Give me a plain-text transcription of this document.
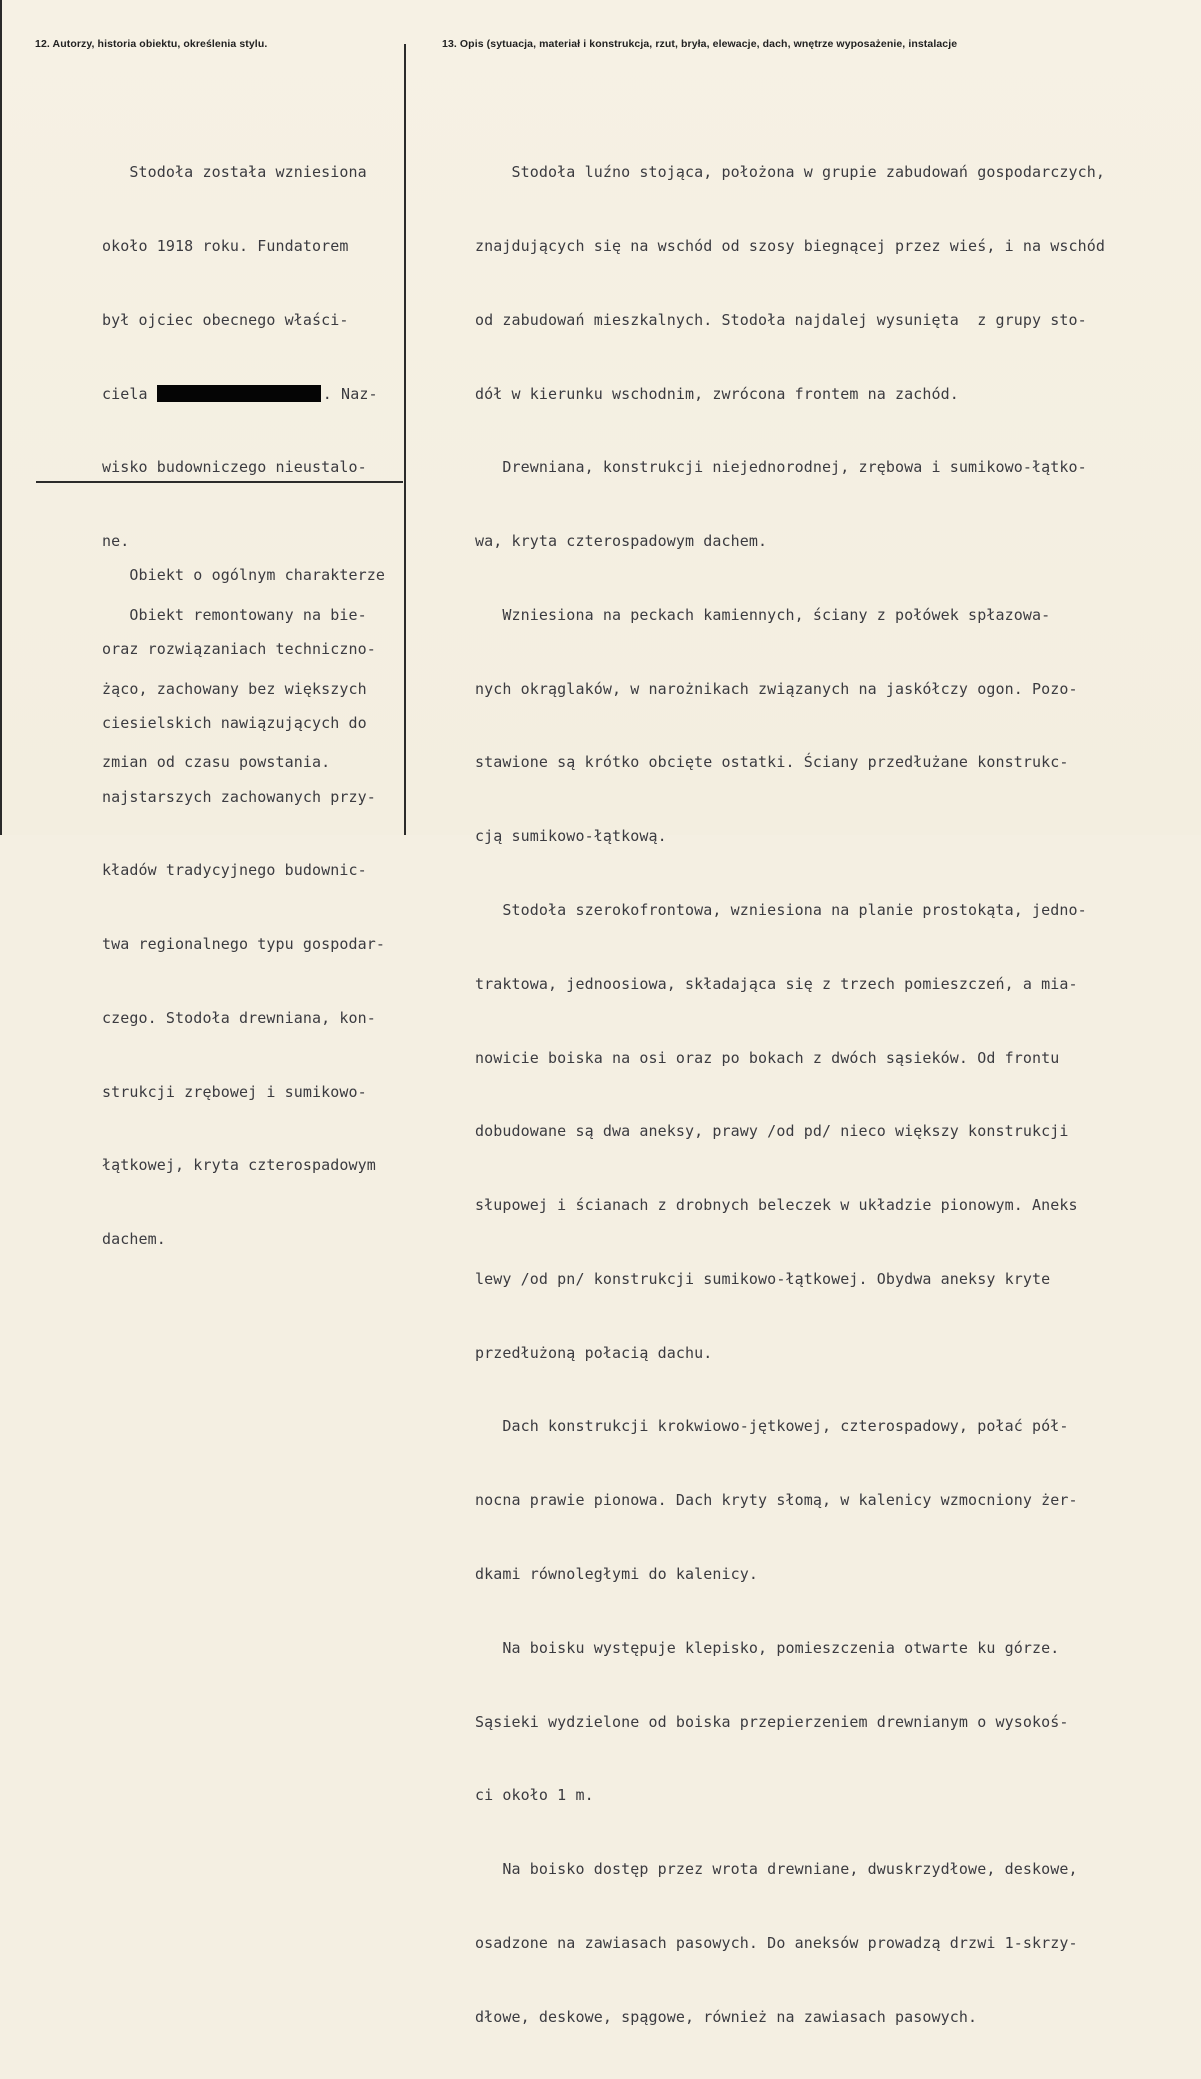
12. Autorzy, historia obiektu, określenia stylu.	13. Opis (sytuacja, materiał i konstrukcja, rzut, bryła, elewacje, dach, wnętrze wyposażenie, instalacje

Stodoła została wzniesiona

około 1918 roku. Fundatorem

był ojciec obecnego właści-

ciela	. Naz-

wisko budowniczego nieustalo-

ne.

Obiekt remontowany na bie-

żąco, zachowany bez większych

zmian od czasu powstania.

Obiekt o ogólnym charakterze

oraz rozwiązaniach techniczno-

ciesielskich nawiązujących do

najstarszych zachowanych przy-

kładów tradycyjnego budownic-

twa regionalnego typu gospodar-

czego. Stodoła drewniana, kon-

strukcji zrębowej i sumikowo-

łątkowej, kryta czterospadowym

dachem.

Stodoła luźno stojąca, położona w grupie zabudowań gospodarczych,

znajdujących się na wschód od szosy biegnącej przez wieś, i na wschód

od zabudowań mieszkalnych. Stodoła najdalej wysunięta  z grupy sto-

dół w kierunku wschodnim, zwrócona frontem na zachód.

Drewniana, konstrukcji niejednorodnej, zrębowa i sumikowo-łątko-

wa, kryta czterospadowym dachem.

Wzniesiona na peckach kamiennych, ściany z połówek spłazowa-

nych okrąglaków, w narożnikach związanych na jaskółczy ogon. Pozo-

stawione są krótko obcięte ostatki. Ściany przedłużane konstrukc-

cją sumikowo-łątkową.

Stodoła szerokofrontowa, wzniesiona na planie prostokąta, jedno-

traktowa, jednoosiowa, składająca się z trzech pomieszczeń, a mia-

nowicie boiska na osi oraz po bokach z dwóch sąsieków. Od frontu

dobudowane są dwa aneksy, prawy /od pd/ nieco większy konstrukcji

słupowej i ścianach z drobnych beleczek w układzie pionowym. Aneks

lewy /od pn/ konstrukcji sumikowo-łątkowej. Obydwa aneksy kryte

przedłużoną połacią dachu.

Dach konstrukcji krokwiowo-jętkowej, czterospadowy, połać pół-

nocna prawie pionowa. Dach kryty słomą, w kalenicy wzmocniony żer-

dkami równoległymi do kalenicy.

Na boisku występuje klepisko, pomieszczenia otwarte ku górze.

Sąsieki wydzielone od boiska przepierzeniem drewnianym o wysokoś-

ci około 1 m.

Na boisko dostęp przez wrota drewniane, dwuskrzydłowe, deskowe,

osadzone na zawiasach pasowych. Do aneksów prowadzą drzwi 1-skrzy-

dłowe, deskowe, spągowe, również na zawiasach pasowych.
